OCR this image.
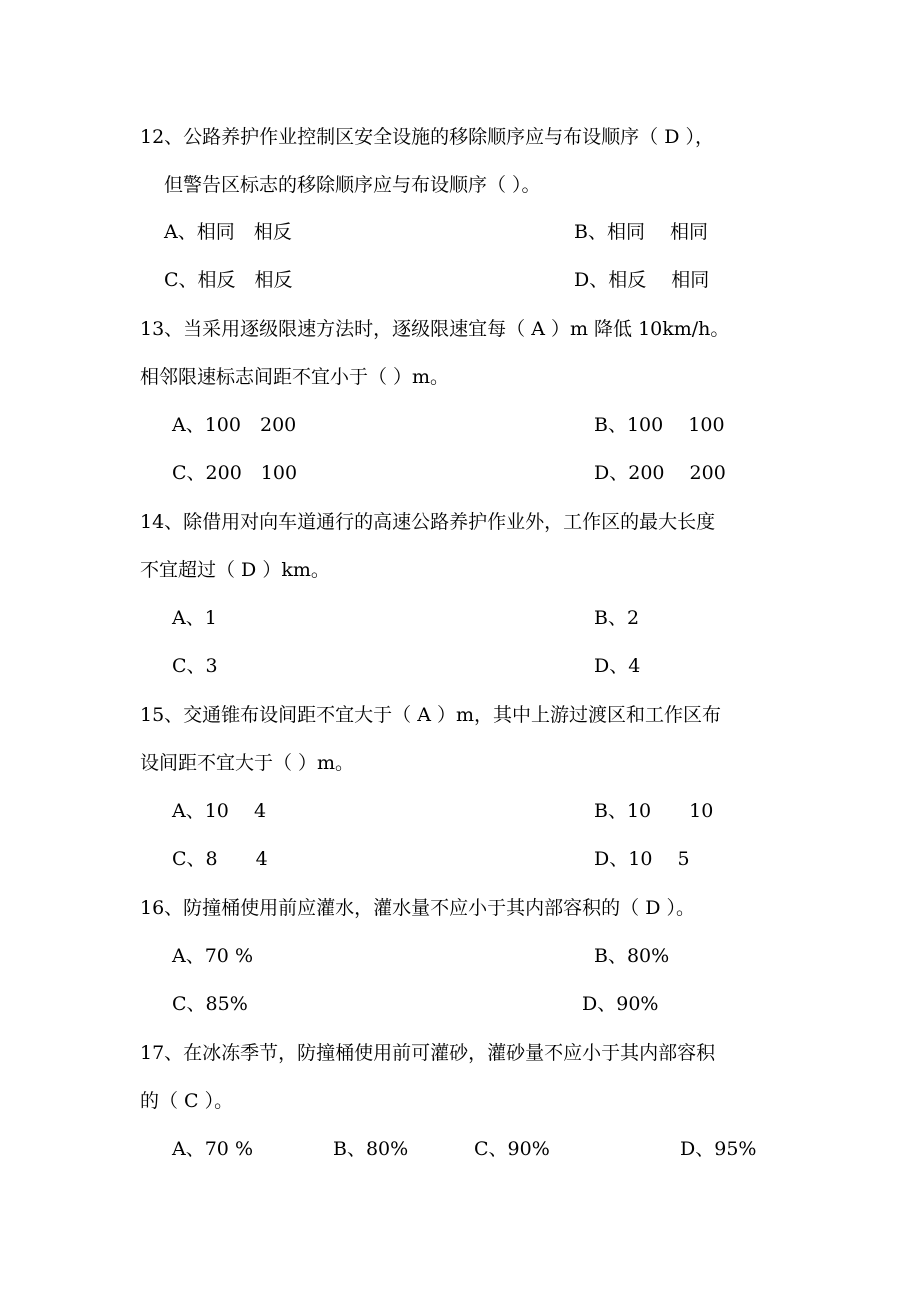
12、公路养护作业控制区安全设施的移除顺序应与布设顺序（ D ），
但警告区标志的移除顺序应与布设顺序（ ）。
A、相同　相反	B、相同　 相同
C、相反　相反	D、相反　 相同
13、当采用逐级限速方法时，逐级限速宜每（ A ）m 降低 10km/h。
相邻限速标志间距不宜小于（ ）m。
A、100　200	B、100　 100
C、200　100	D、200　 200
14、除借用对向车道通行的高速公路养护作业外，工作区的最大长度
不宜超过（ D ）km。
A、1	B、2
C、3	D、4
15、交通锥布设间距不宜大于（ A ）m，其中上游过渡区和工作区布
设间距不宜大于（ ）m。
A、10　 4	B、10　　10
C、8　　4	D、10　 5
16、防撞桶使用前应灌水，灌水量不应小于其内部容积的（ D ）。
A、70 %	B、80%
C、85%	D、90%
17、在冰冻季节，防撞桶使用前可灌砂，灌砂量不应小于其内部容积
的（ C ）。
A、70 %	B、80%	C、90%	D、95%
